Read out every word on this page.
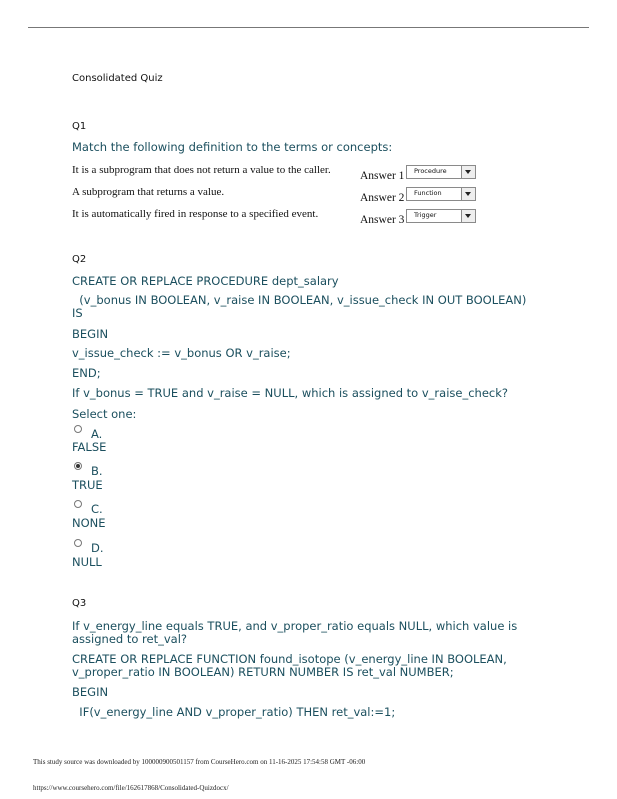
Consolidated Quiz
Q1
Match the following definition to the terms or concepts:
It is a subprogram that does not return a value to the caller.	Answer 1 Procedure
A subprogram that returns a value.	Answer 2 Function
It is automatically fired in response to a specified event.	Answer 3 Trigger
Q2
CREATE OR REPLACE PROCEDURE dept_salary
(v_bonus IN BOOLEAN, v_raise IN BOOLEAN, v_issue_check IN OUT BOOLEAN)
IS
BEGIN
v_issue_check := v_bonus OR v_raise;
END;
If v_bonus = TRUE and v_raise = NULL, which is assigned to v_raise_check?
Select one:
A.
FALSE
B.
TRUE
C.
NONE
D.
NULL
Q3
If v_energy_line equals TRUE, and v_proper_ratio equals NULL, which value is
assigned to ret_val?
CREATE OR REPLACE FUNCTION found_isotope (v_energy_line IN BOOLEAN,
v_proper_ratio IN BOOLEAN) RETURN NUMBER IS ret_val NUMBER;
BEGIN
IF(v_energy_line AND v_proper_ratio) THEN ret_val:=1;
This study source was downloaded by 100000900501157 from CourseHero.com on 11-16-2025 17:54:58 GMT -06:00
https://www.coursehero.com/file/162617868/Consolidated-Quizdocx/
